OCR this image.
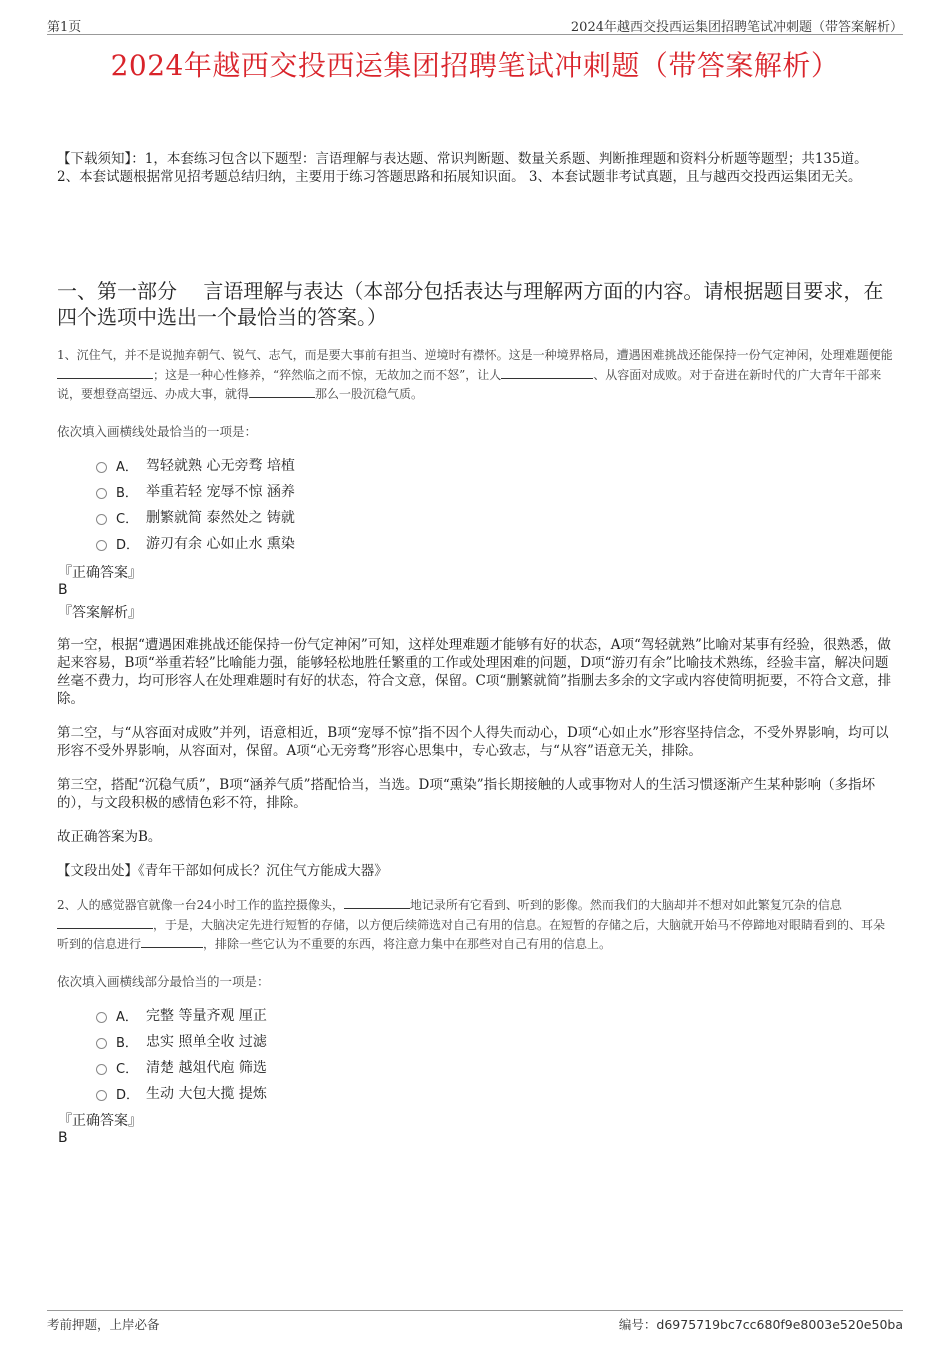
第1页	2024年越西交投西运集团招聘笔试冲刺题（带答案解析）
2024年越西交投西运集团招聘笔试冲刺题（带答案解析）
【下载须知】：1，本套练习包含以下题型：言语理解与表达题、常识判断题、数量关系题、判断推理题和资料分析题等题型；共135道。 2、本套试题根据常见招考题总结归纳，主要用于练习答题思路和拓展知识面。 3、本套试题非考试真题，且与越西交投西运集团无关。
一、第一部分　 言语理解与表达（本部分包括表达与理解两方面的内容。请根据题目要求，在四个选项中选出一个最恰当的答案。）
1、沉住气，并不是说抛弃朝气、锐气、志气，而是要大事前有担当、逆境时有襟怀。这是一种境界格局，遭遇困难挑战还能保持一份气定神闲，处理难题便能；这是一种心性修养，“猝然临之而不惊，无故加之而不怒”，让人	、从容面对成败。对于奋进在新时代的广大青年干部来说，要想登高望远、办成大事，就得	那么一股沉稳气质。
依次填入画横线处最恰当的一项是：
A． 驾轻就熟 心无旁骛 培植
B． 举重若轻 宠辱不惊 涵养
C． 删繁就简 泰然处之 铸就
D． 游刃有余 心如止水 熏染
『正确答案』
B
『答案解析』
第一空，根据“遭遇困难挑战还能保持一份气定神闲”可知，这样处理难题才能够有好的状态，A项“驾轻就熟”比喻对某事有经验，很熟悉，做起来容易，B项“举重若轻”比喻能力强，能够轻松地胜任繁重的工作或处理困难的问题，D项“游刃有余”比喻技术熟练，经验丰富，解决问题丝毫不费力，均可形容人在处理难题时有好的状态，符合文意，保留。C项“删繁就简”指删去多余的文字或内容使简明扼要，不符合文意，排除。
第二空，与“从容面对成败”并列，语意相近，B项“宠辱不惊”指不因个人得失而动心，D项“心如止水”形容坚持信念，不受外界影响，均可以形容不受外界影响，从容面对，保留。A项“心无旁骛”形容心思集中，专心致志，与“从容”语意无关，排除。
第三空，搭配“沉稳气质”，B项“涵养气质”搭配恰当，当选。D项“熏染”指长期接触的人或事物对人的生活习惯逐渐产生某种影响（多指坏的），与文段积极的感情色彩不符，排除。
故正确答案为B。
【文段出处】《青年干部如何成长？沉住气方能成大器》
2、人的感觉器官就像一台24小时工作的监控摄像头，	地记录所有它看到、听到的影像。然而我们的大脑却并不想对如此繁复冗杂的信息，于是，大脑决定先进行短暂的存储，以方便后续筛选对自己有用的信息。在短暂的存储之后，大脑就开始马不停蹄地对眼睛看到的、耳朵听到的信息进行	，排除一些它认为不重要的东西，将注意力集中在那些对自己有用的信息上。
依次填入画横线部分最恰当的一项是：
A． 完整 等量齐观 厘正
B． 忠实 照单全收 过滤
C． 清楚 越俎代庖 筛选
D． 生动 大包大揽 提炼
『正确答案』
B
考前押题，上岸必备	编号：d6975719bc7cc680f9e8003e520e50ba
